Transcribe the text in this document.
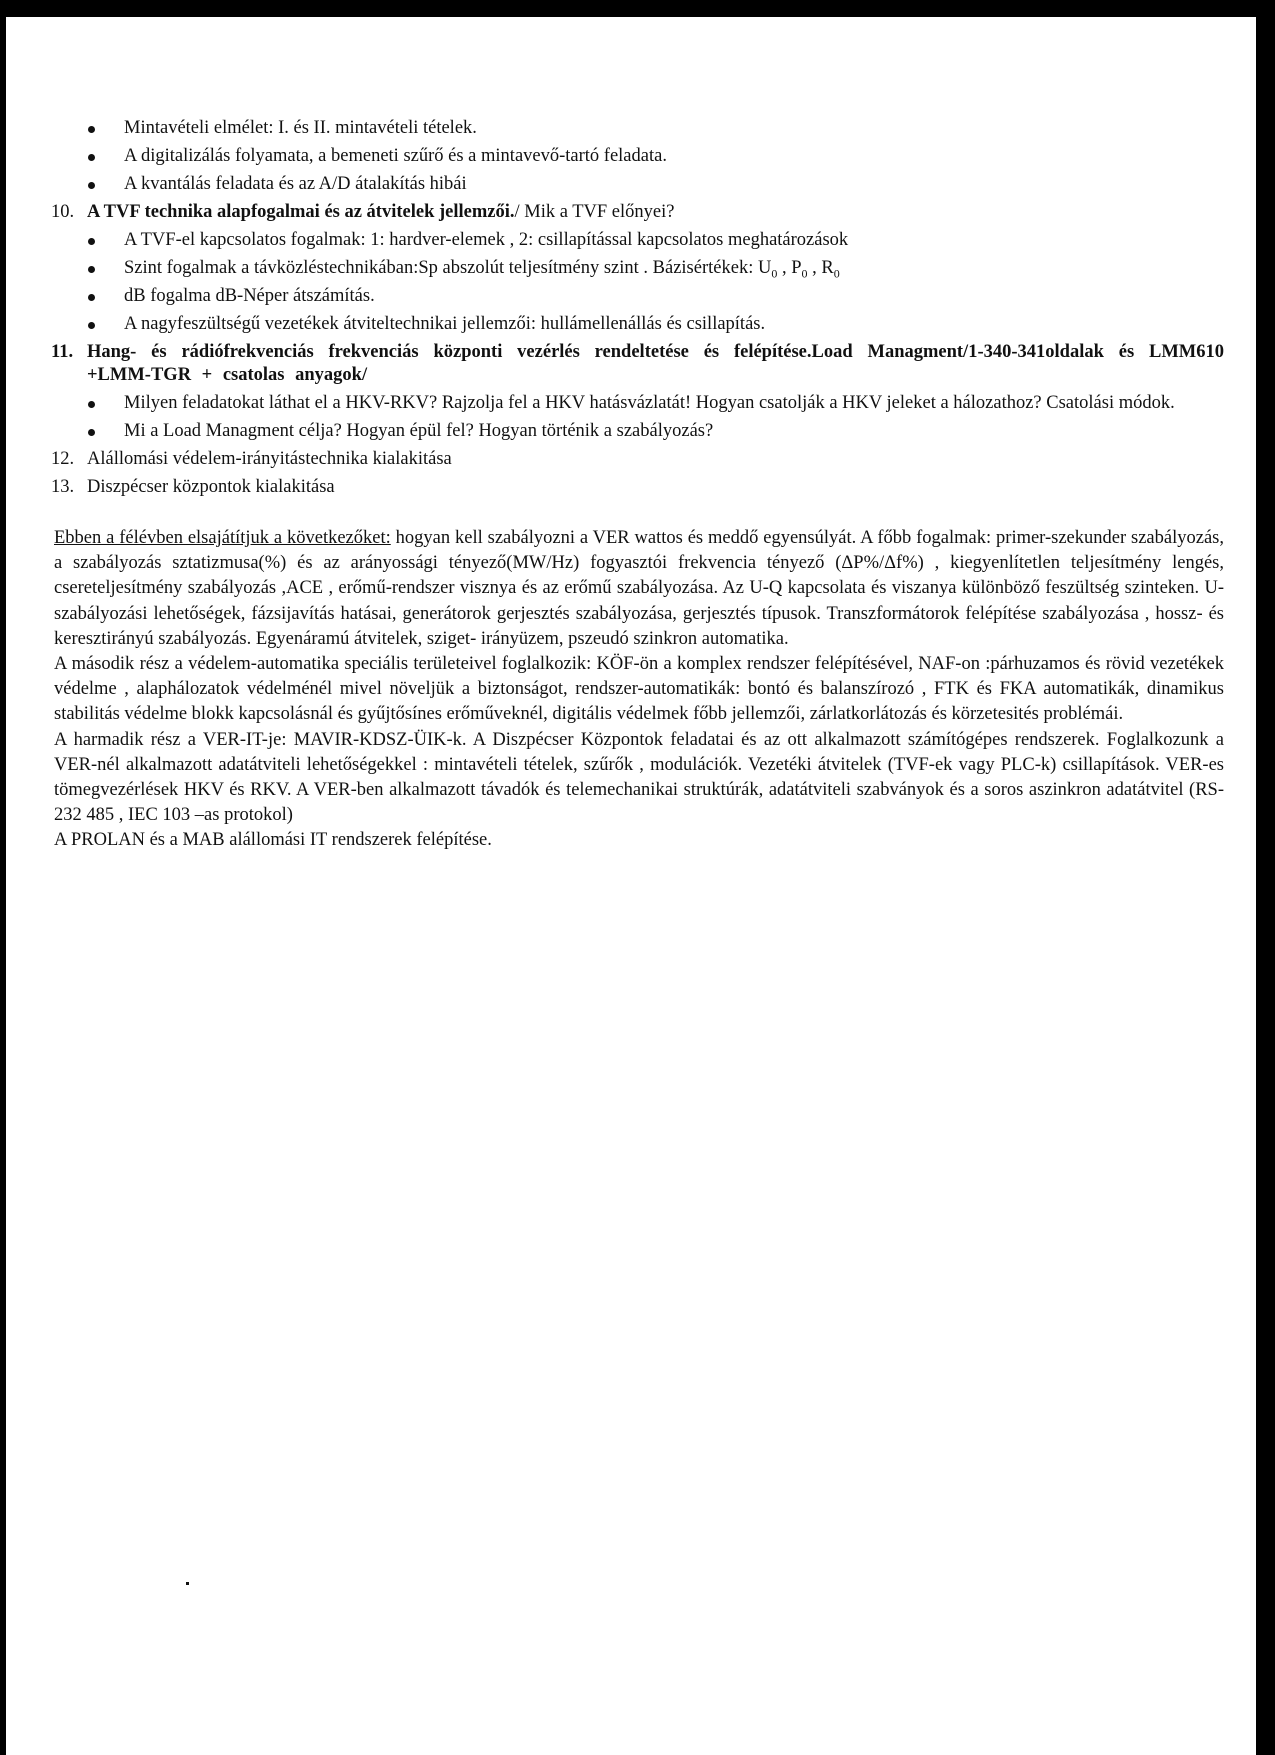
Mintavételi elmélet: I. és II. mintavételi tételek.
A digitalizálás folyamata, a bemeneti szűrő és a mintavevő-tartó feladata.
A kvantálás feladata és az A/D átalakítás hibái
10. A TVF technika alapfogalmai és az átvitelek jellemzői./ Mik a TVF előnyei?
A TVF-el kapcsolatos fogalmak: 1: hardver-elemek , 2: csillapítással kapcsolatos meghatározások
Szint fogalmak a távközléstechnikában:Sp abszolút teljesítmény szint . Bázisértékek: $U_0$ , $P_0$ , $R_0$
dB fogalma dB-Néper átszámítás.
A nagyfeszültségű vezetékek átviteltechnikai jellemzői: hullámellenállás és csillapítás.
11. Hang- és rádiófrekvenciás frekvenciás központi vezérlés rendeltetése és felépítése.Load Managment/1-340-341oldalak és LMM610 +LMM-TGR + csatolas anyagok/
Milyen feladatokat láthat el a HKV-RKV? Rajzolja fel a HKV hatásvázlatát! Hogyan csatolják a HKV jeleket a hálozathoz? Csatolási módok.
Mi a Load Managment célja? Hogyan épül fel? Hogyan történik a szabályozás?
12. Alállomási védelem-irányitástechnika kialakitása
13. Diszpécser központok kialakitása

Ebben a félévben elsajátítjuk a következőket: hogyan kell szabályozni a VER wattos és meddő egyensúlyát. A főbb fogalmak: primer-szekunder szabályozás, a szabályozás sztatizmusa(%) és az arányossági tényező(MW/Hz) fogyasztói frekvencia tényező (ΔP%/Δf%) , kiegyenlítetlen teljesítmény lengés, csereteljesítmény szabályozás ,ACE , erőmű-rendszer visznya és az erőmű szabályozása. Az U-Q kapcsolata és viszanya különböző feszültség szinteken. U-szabályozási lehetőségek, fázsijavítás hatásai, generátorok gerjesztés szabályozása, gerjesztés típusok. Transzformátorok felépítése szabályozása , hossz- és keresztirányú szabályozás. Egyenáramú átvitelek, sziget- irányüzem, pszeudó szinkron automatika.

A második rész a védelem-automatika speciális területeivel foglalkozik: KÖF-ön a komplex rendszer felépítésével, NAF-on :párhuzamos és rövid vezetékek védelme , alaphálozatok védelménél mivel növeljük a biztonságot, rendszer-automatikák: bontó és balanszírozó , FTK és FKA automatikák, dinamikus stabilitás védelme blokk kapcsolásnál és gyűjtősínes erőműveknél, digitális védelmek főbb jellemzői, zárlatkorlátozás és körzetesités problémái.

A harmadik rész a VER-IT-je: MAVIR-KDSZ-ÜIK-k. A Diszpécser Központok feladatai és az ott alkalmazott számítógépes rendszerek. Foglalkozunk a VER-nél alkalmazott adatátviteli lehetőségekkel : mintavételi tételek, szűrők , modulációk. Vezetéki átvitelek (TVF-ek vagy PLC-k) csillapítások. VER-es tömegvezérlések HKV és RKV. A VER-ben alkalmazott távadók és telemechanikai struktúrák, adatátviteli szabványok és a soros aszinkron adatátvitel (RS-232 485 , IEC 103 –as protokol)

A PROLAN és a MAB alállomási IT rendszerek felépítése.
